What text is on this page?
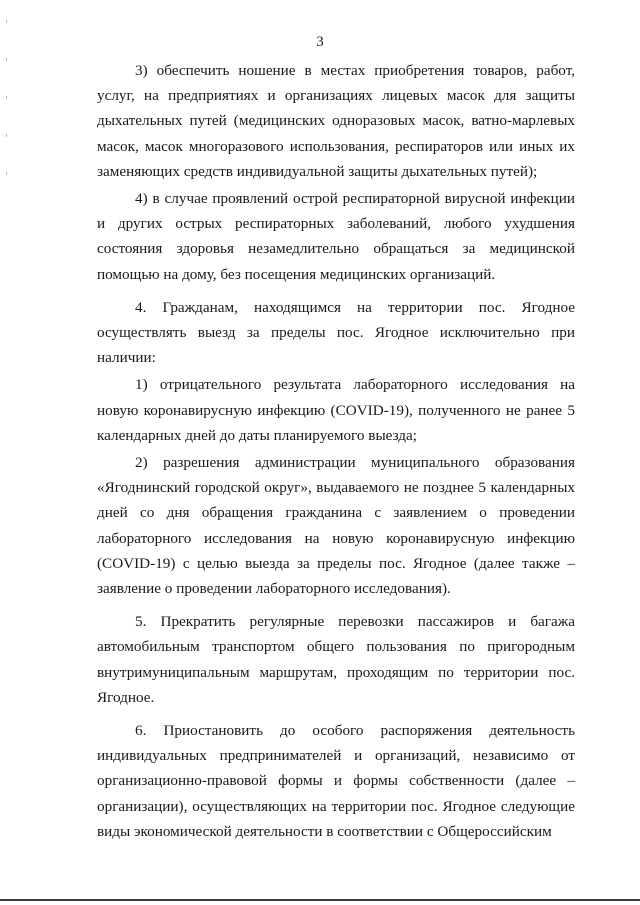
3

3) обеспечить ношение в местах приобретения товаров, работ, услуг, на предприятиях и организациях лицевых масок для защиты дыхательных путей (медицинских одноразовых масок, ватно-марлевых масок, масок многоразового использования, респираторов или иных их заменяющих средств индивидуальной защиты дыхательных путей);

4) в случае проявлений острой респираторной вирусной инфекции и других острых респираторных заболеваний, любого ухудшения состояния здоровья незамедлительно обращаться за медицинской помощью на дому, без посещения медицинских организаций.

4. Гражданам, находящимся на территории пос. Ягодное осуществлять выезд за пределы пос. Ягодное исключительно при наличии:

1) отрицательного результата лабораторного исследования на новую коронавирусную инфекцию (COVID-19), полученного не ранее 5 календарных дней до даты планируемого выезда;

2) разрешения администрации муниципального образования «Ягоднинский городской округ», выдаваемого не позднее 5 календарных дней со дня обращения гражданина с заявлением о проведении лабораторного исследования на новую коронавирусную инфекцию (COVID-19) с целью выезда за пределы пос. Ягодное (далее также – заявление о проведении лабораторного исследования).

5. Прекратить регулярные перевозки пассажиров и багажа автомобильным транспортом общего пользования по пригородным внутримуниципальным маршрутам, проходящим по территории пос. Ягодное.

6. Приостановить до особого распоряжения деятельность индивидуальных предпринимателей и организаций, независимо от организационно-правовой формы и формы собственности (далее – организации), осуществляющих на территории пос. Ягодное следующие виды экономической деятельности в соответствии с Общероссийским
